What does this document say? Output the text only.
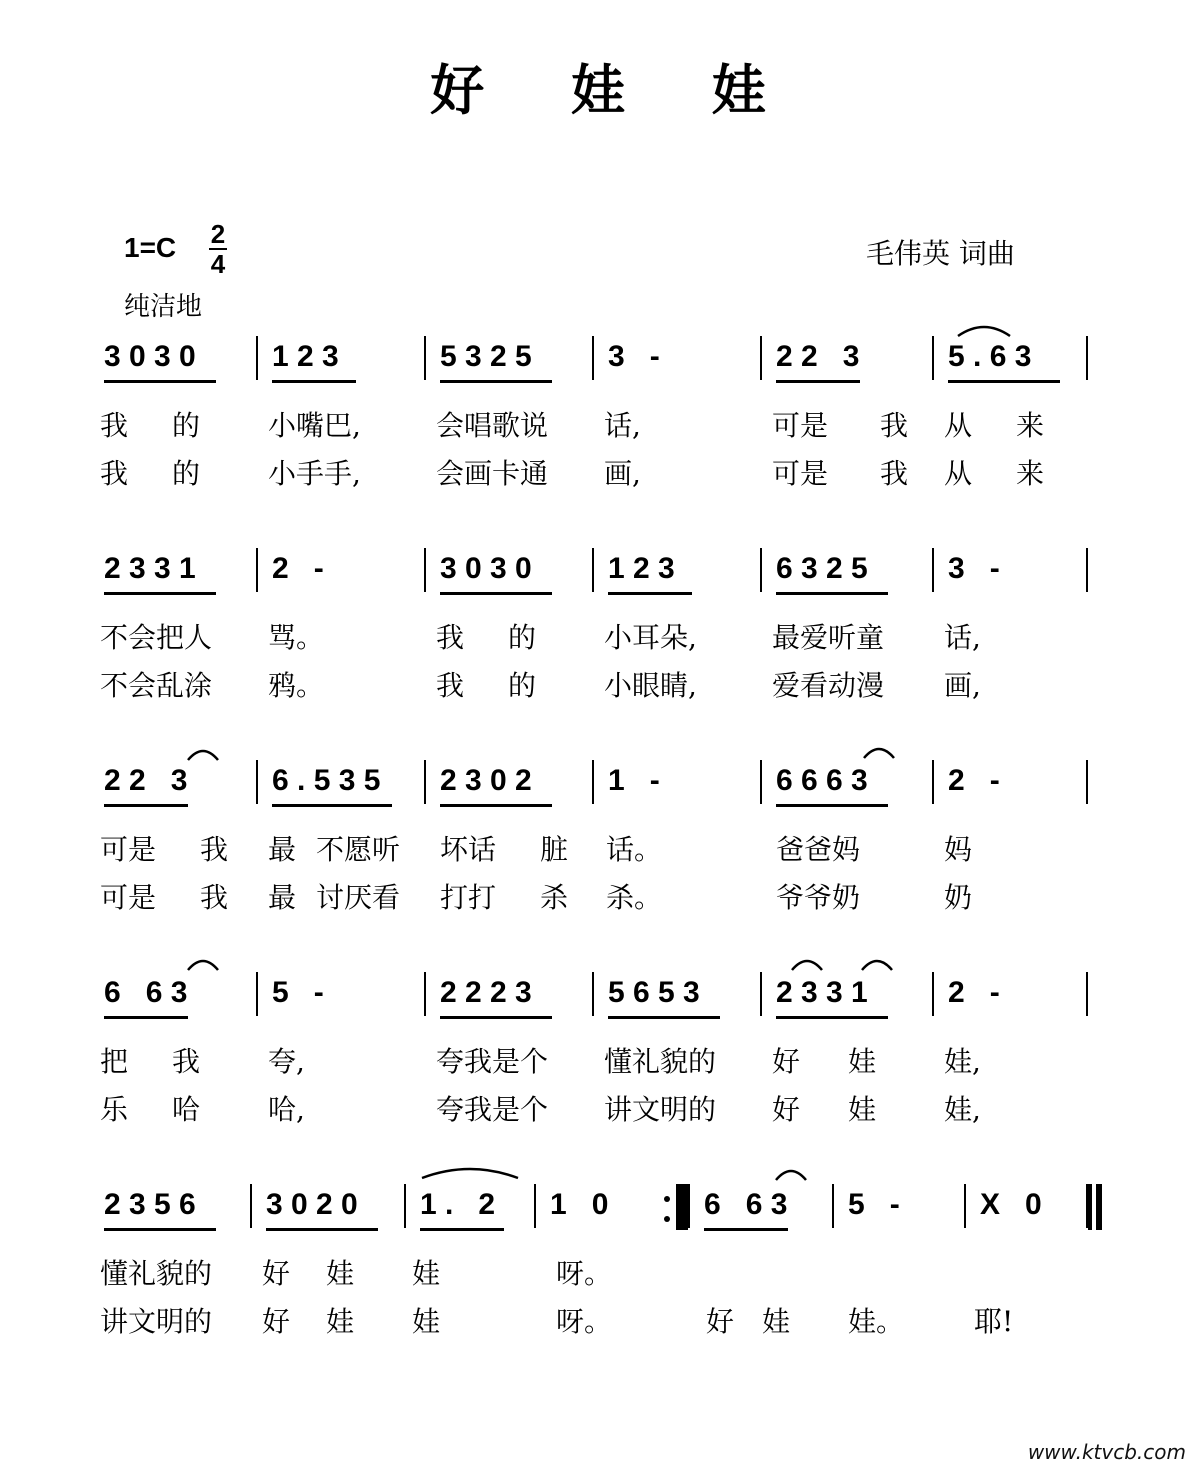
好 娃 娃
1=C 2
4	毛伟英 词曲
纯洁地
3 0 3 0	1 2 3	5 3 2 5	3   -	2 2   3	5 . 6 3
我 的 小嘴巴,	会唱歌说 话,	可是 我 从 来
我 的 小手手,	会画卡通 画,	可是 我 从 来
2 3 3 1	2   -	3 0 3 0	1 2 3	6 3 2 5	3   -
不会把人 骂。	我 的 小耳朵,	最爱听童 话,
不会乱涂 鸦。	我 的 小眼睛,	爱看动漫 画,
2 2   3	6 . 5 3 5 2 3 0 2	1   -	6 6 6 3	2   -
可是 我 最 不愿听 坏话 脏 话。	爸爸妈	妈
可是 我 最 讨厌看 打打 杀 杀。	爷爷奶	奶
6   6 3	5   -	2 2 2 3	5 6 5 3	2 3 3 1	2   -
把 我 夸,	夸我是个 懂礼貌的 好 娃 娃,
乐 哈 哈,	夸我是个 讲文明的 好 娃 娃,
2 3 5 6 3 0 2 0 1 .   2 1   0	6   6 3 5   -	X   0
懂礼貌的 好 娃 娃	呀。
讲文明的 好 娃 娃	呀。	好 娃 娃。 耶!
www.ktvcb.com
